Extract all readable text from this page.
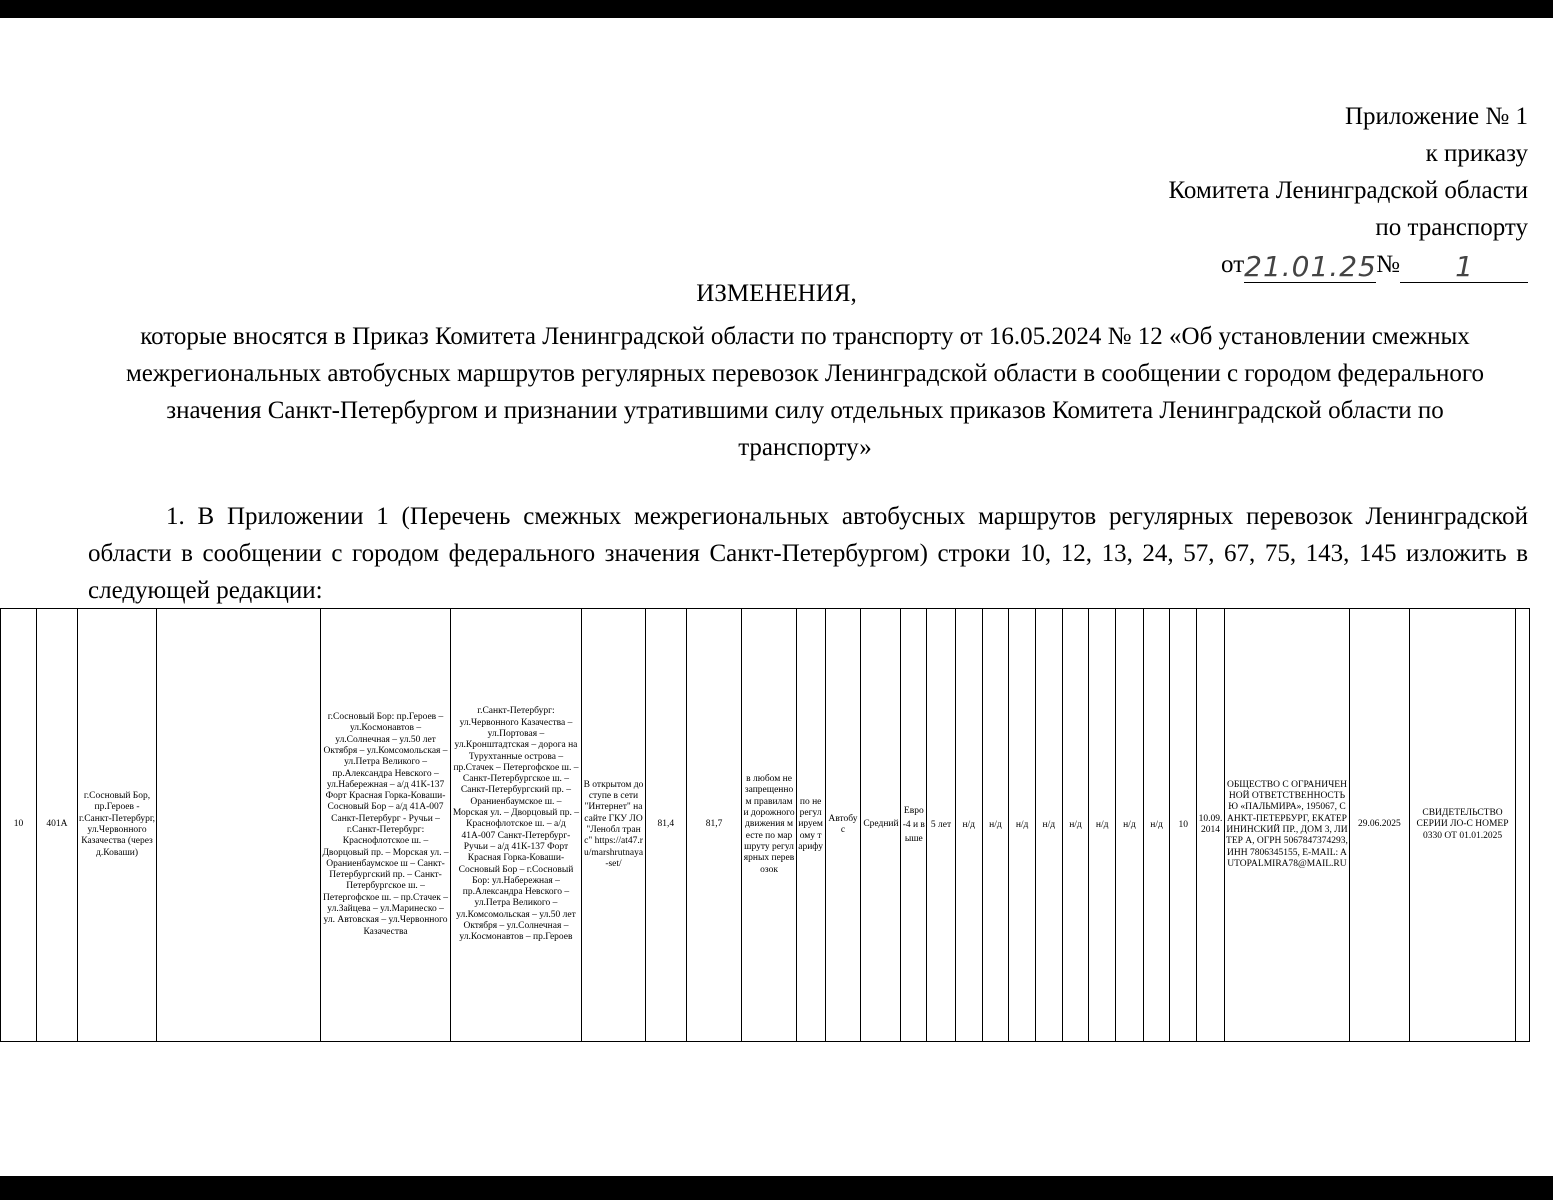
Приложение № 1
к приказу
Комитета Ленинградской области
по транспорту
от 21.01.25 №	1
ИЗМЕНЕНИЯ,
которые вносятся в Приказ Комитета Ленинградской области по транспорту от 16.05.2024 № 12 «Об установлении смежных межрегиональных автобусных маршрутов регулярных перевозок Ленинградской области в сообщении с городом федерального значения Санкт-Петербургом и признании утратившими силу отдельных приказов Комитета Ленинградской области по транспорту»
1. В Приложении 1 (Перечень смежных межрегиональных автобусных маршрутов регулярных перевозок Ленинградской области в сообщении с городом федерального значения Санкт-Петербургом) строки 10, 12, 13, 24, 57, 67, 75, 143, 145 изложить в следующей редакции:
10	401А	г.Сосновый Бор, пр.Героев - г.Санкт-Петербург, ул.Червонного Казачества (через д.Коваши)		г.Сосновый Бор: пр.Героев – ул.Космонавтов – ул.Солнечная – ул.50 лет Октября – ул.Комсомольская – ул.Петра Великого – пр.Александра Невского – ул.Набережная – а/д 41К-137 Форт Красная Горка-Коваши-Сосновый Бор – а/д 41А-007 Санкт-Петербург - Ручьи – г.Санкт-Петербург: Краснофлотское ш. – Дворцовый пр. – Морская ул. – Ораниенбаумское ш – Санкт-Петербургский пр. – Санкт-Петербургское ш. – Петергофское ш. – пр.Стачек – ул.Зайцева – ул.Маринеско – ул. Автовская – ул.Червонного Казачества	г.Санкт-Петербург: ул.Червонного Казачества – ул.Портовая – ул.Кронштадтская – дорога на Турухтанные острова – пр.Стачек – Петергофское ш. – Санкт-Петербургское ш. – Санкт-Петербургский пр. – Ораниенбаумское ш. – Морская ул. – Дворцовый пр. – Краснофлотское ш. – а/д 41А-007 Санкт-Петербург-Ручьи – а/д 41К-137 Форт Красная Горка-Коваши-Сосновый Бор – г.Сосновый Бор: ул.Набережная – пр.Александра Невского – ул.Петра Великого – ул.Комсомольская – ул.50 лет Октября – ул.Солнечная – ул.Космонавтов – пр.Героев	В открытом доступе в сети "Интернет" на сайте ГКУ ЛО "Ленобл транс" https://at47.ru/marshrutnaya-set/	81,4	81,7	в любом не запрещенном правилами дорожного движения месте по маршруту регулярных перевозок	по нерегулируемому тарифу	Автобус	Средний	Евро-4 и выше	5 лет	н/д	н/д	н/д	н/д	н/д	н/д	н/д	н/д	10	10.09.2014	ОБЩЕСТВО С ОГРАНИЧЕННОЙ ОТВЕТСТВЕННОСТЬЮ «ПАЛЬМИРА», 195067, САНКТ-ПЕТЕРБУРГ, ЕКАТЕРИНИНСКИЙ ПР., ДОМ 3, ЛИТЕР А, ОГРН 5067847374293, ИНН 7806345155, E-MAIL: AUTOPALMIRA78@MAIL.RU	29.06.2025	СВИДЕТЕЛЬСТВО СЕРИИ ЛО-С НОМЕР 0330 ОТ 01.01.2025	
